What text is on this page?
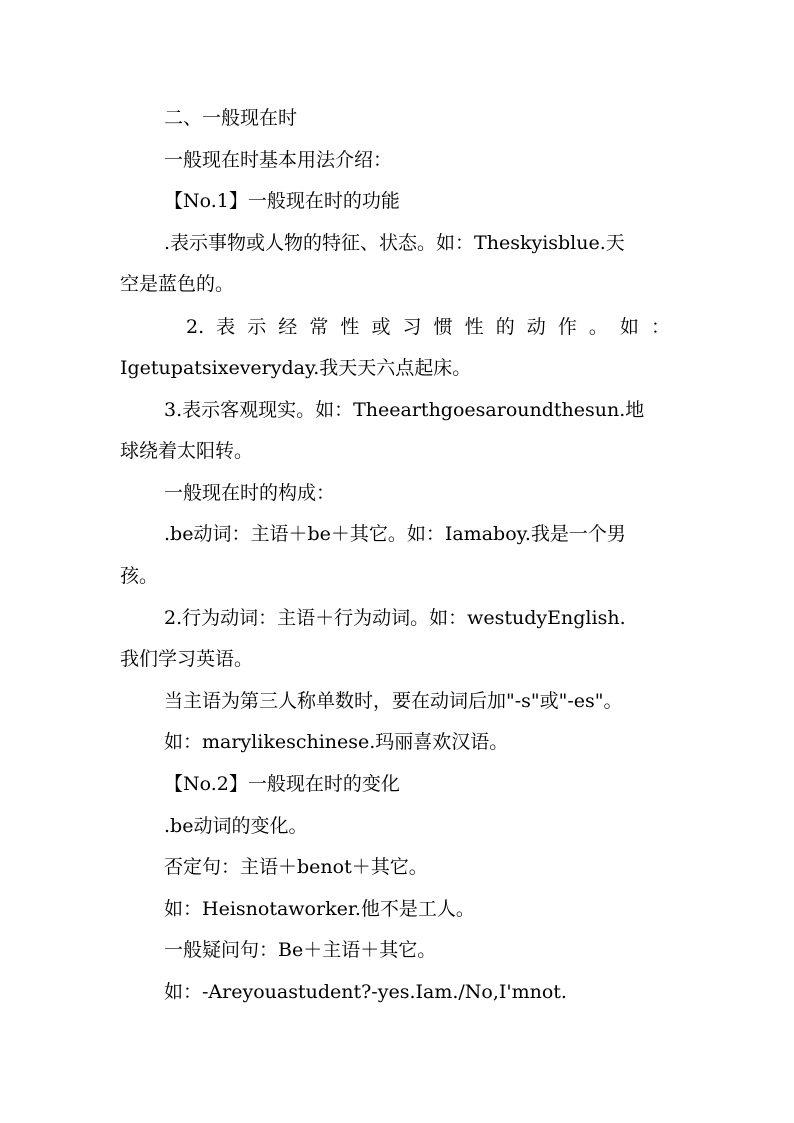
二、一般现在时
一般现在时基本用法介绍：
【No.1】一般现在时的功能
.表示事物或人物的特征、状态。如：Theskyisblue.天
空是蓝色的。
2.表示经常性或习惯性的动作。如：
Igetupatsixeveryday.我天天六点起床。
3.表示客观现实。如：Theearthgoesaroundthesun.地
球绕着太阳转。
一般现在时的构成：
.be动词：主语＋be＋其它。如：Iamaboy.我是一个男
孩。
2.行为动词：主语＋行为动词。如：westudyEnglish.
我们学习英语。
当主语为第三人称单数时，要在动词后加"-s"或"-es"。
如：marylikeschinese.玛丽喜欢汉语。
【No.2】一般现在时的变化
.be动词的变化。
否定句：主语＋benot＋其它。
如：Heisnotaworker.他不是工人。
一般疑问句：Be＋主语＋其它。
如：-Areyouastudent?-yes.Iam./No,I'mnot.
